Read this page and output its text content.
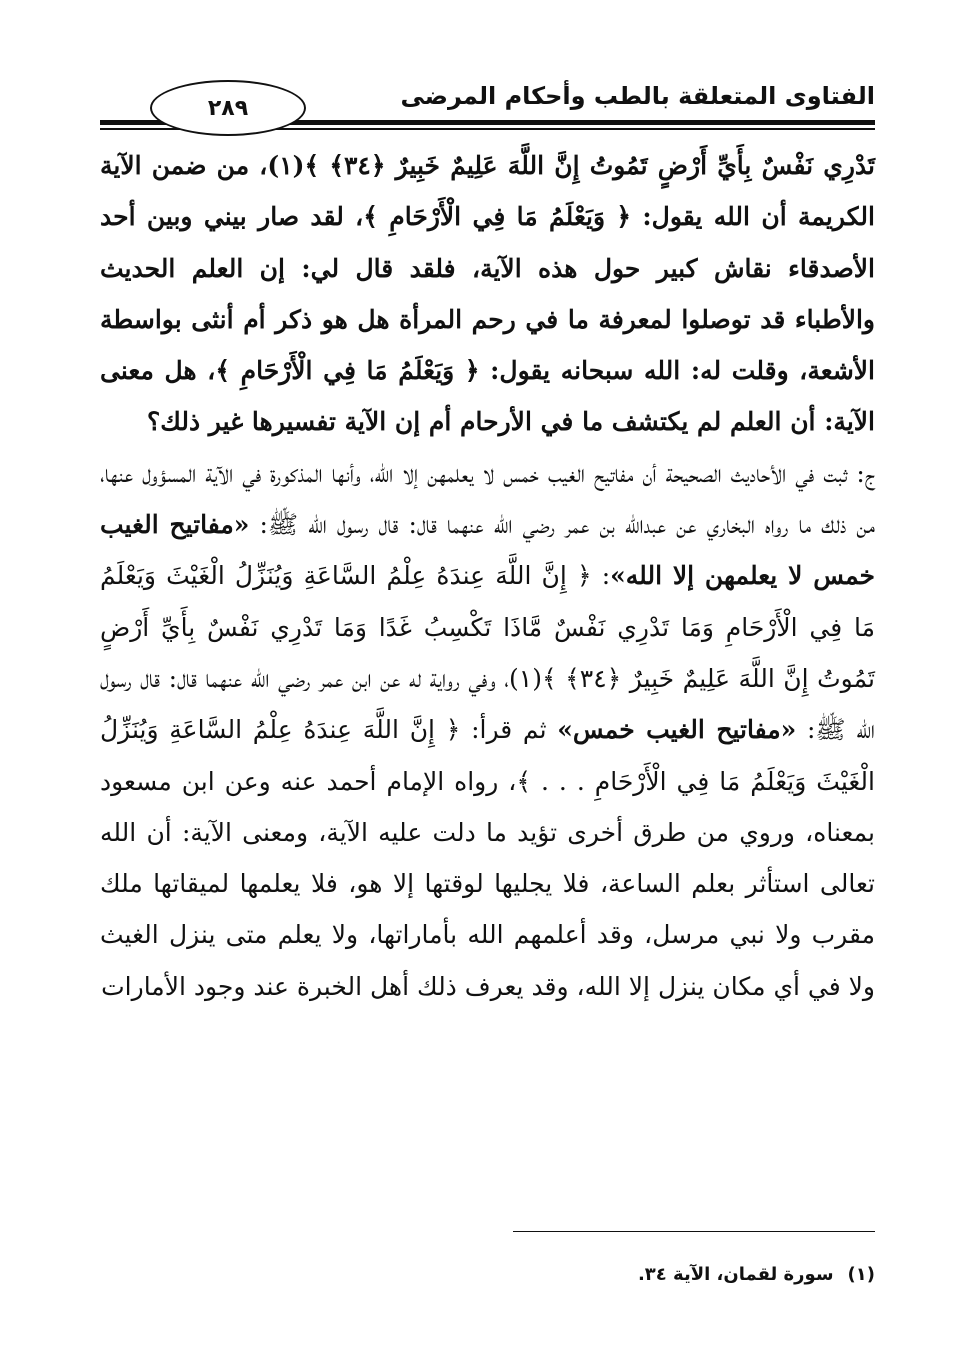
٢٨٩	الفتاوى المتعلقة بالطب وأحكام المرضى

تَدْرِي نَفْسٌ بِأَيِّ أَرْضٍ تَمُوتُ إِنَّ اللَّهَ عَلِيمٌ خَبِيرٌ ﴿٣٤﴾ ﴾(١)، من ضمن الآية الكريمة أن الله يقول: ﴿ وَيَعْلَمُ مَا فِي الْأَرْحَامِ ﴾، لقد صار بيني وبين أحد الأصدقاء نقاش كبير حول هذه الآية، فلقد قال لي: إن العلم الحديث والأطباء قد توصلوا لمعرفة ما في رحم المرأة هل هو ذكر أم أنثى بواسطة الأشعة، وقلت له: الله سبحانه يقول: ﴿ وَيَعْلَمُ مَا فِي الْأَرْحَامِ ﴾، هل معنى الآية: أن العلم لم يكتشف ما في الأرحام أم إن الآية تفسيرها غير ذلك؟

ج: ثبت في الأحاديث الصحيحة أن مفاتيح الغيب خمس لا يعلمهن إلا الله، وأنها المذكورة في الآية المسؤول عنها، من ذلك ما رواه البخاري عن عبدالله بن عمر رضي الله عنهما قال: قال رسول الله ﷺ: «مفاتيح الغيب خمس لا يعلمهن إلا الله»: ﴿ إِنَّ اللَّهَ عِندَهُ عِلْمُ السَّاعَةِ وَيُنَزِّلُ الْغَيْثَ وَيَعْلَمُ مَا فِي الْأَرْحَامِ وَمَا تَدْرِي نَفْسٌ مَّاذَا تَكْسِبُ غَدًا وَمَا تَدْرِي نَفْسٌ بِأَيِّ أَرْضٍ تَمُوتُ إِنَّ اللَّهَ عَلِيمٌ خَبِيرٌ ﴿٣٤﴾ ﴾(١)، وفي رواية له عن ابن عمر رضي الله عنهما قال: قال رسول الله ﷺ: «مفاتيح الغيب خمس» ثم قرأ: ﴿ إِنَّ اللَّهَ عِندَهُ عِلْمُ السَّاعَةِ وَيُنَزِّلُ الْغَيْثَ وَيَعْلَمُ مَا فِي الْأَرْحَامِ . . . ﴾، رواه الإمام أحمد عنه وعن ابن مسعود بمعناه، وروي من طرق أخرى تؤيد ما دلت عليه الآية، ومعنى الآية: أن الله تعالى استأثر بعلم الساعة، فلا يجليها لوقتها إلا هو، فلا يعلمها لميقاتها ملك مقرب ولا نبي مرسل، وقد أعلمهم الله بأماراتها، ولا يعلم متى ينزل الغيث ولا في أي مكان ينزل إلا الله، وقد يعرف ذلك أهل الخبرة عند وجود الأمارات

(١)سورة لقمان، الآية ٣٤.
